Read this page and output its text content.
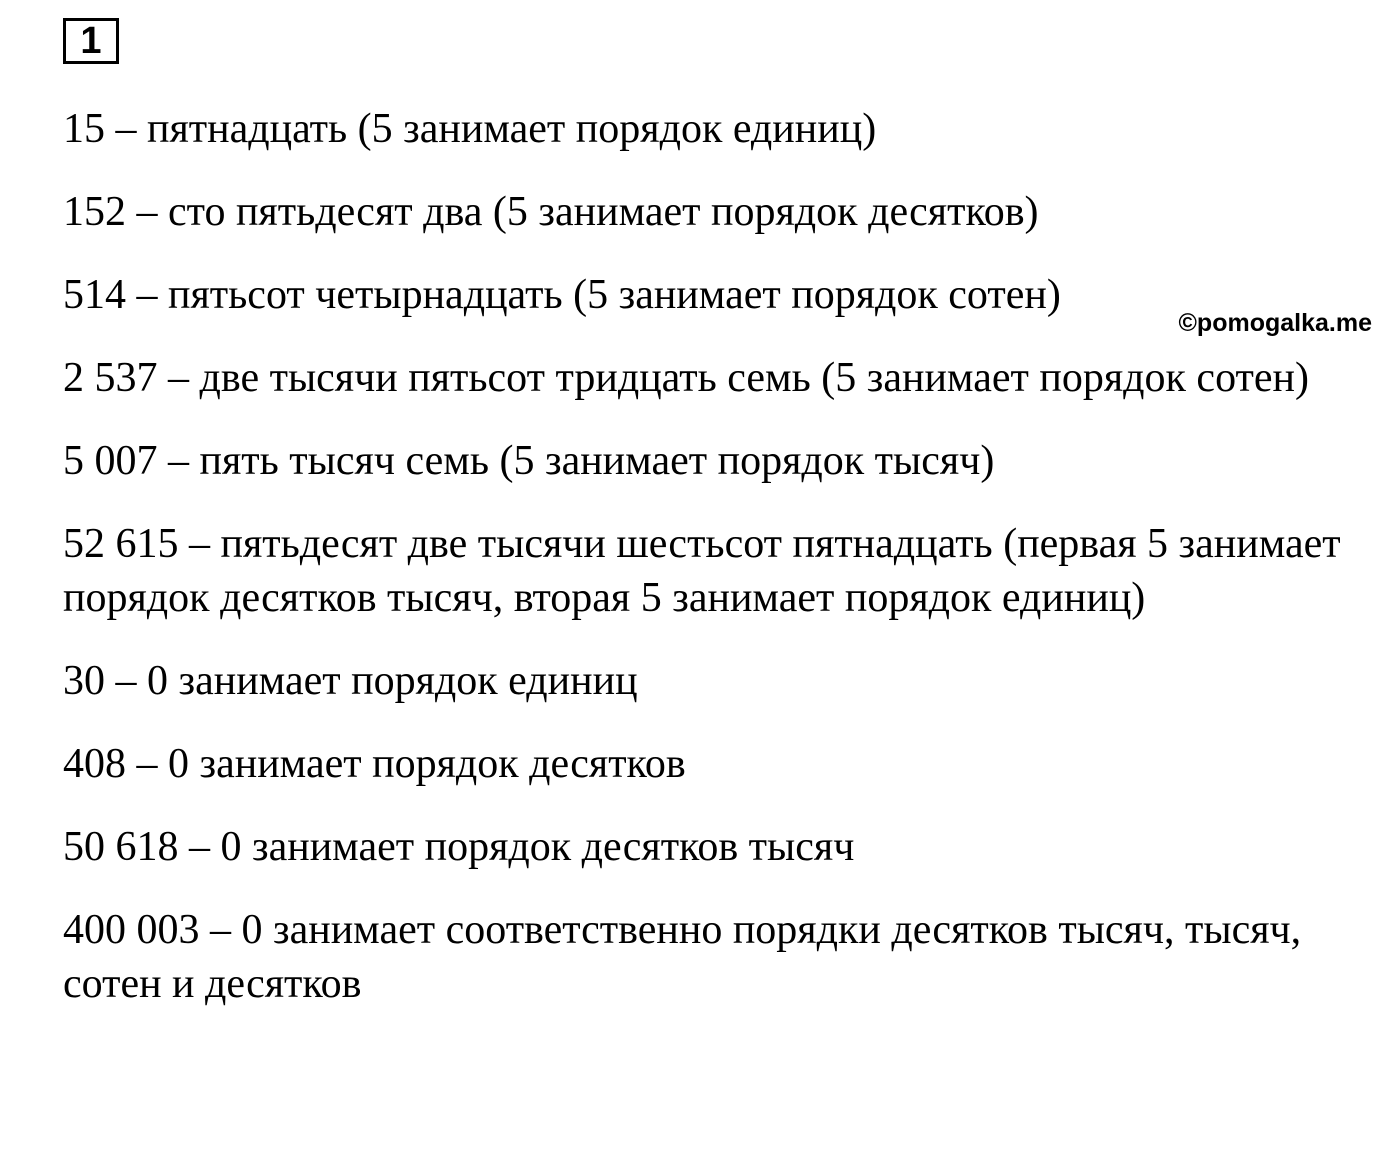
1

15 – пятнадцать (5 занимает порядок единиц)

152 – сто пятьдесят два (5 занимает порядок десятков)

514 – пятьсот четырнадцать (5 занимает порядок сотен)

2 537 – две тысячи пятьсот тридцать семь (5 занимает порядок сотен)

5 007 – пять тысяч семь (5 занимает порядок тысяч)

52 615 – пятьдесят две тысячи шестьсот пятнадцать (первая 5 занимает порядок десятков тысяч, вторая 5 занимает порядок единиц)

30 – 0 занимает порядок единиц

408 – 0 занимает порядок десятков

50 618 – 0 занимает порядок десятков тысяч

400 003 – 0 занимает соответственно порядки десятков тысяч, тысяч, сотен и десятков

©pomogalka.me
